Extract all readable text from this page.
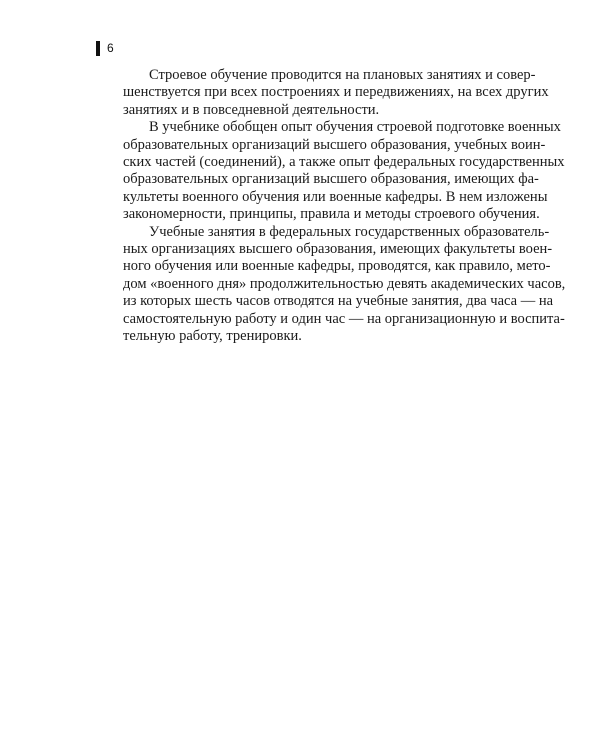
6

Строевое обучение проводится на плановых занятиях и совер-
шенствуется при всех построениях и передвижениях, на всех других
занятиях и в повседневной деятельности.

В учебнике обобщен опыт обучения строевой подготовке военных
образовательных организаций высшего образования, учебных воин-
ских частей (соединений), а также опыт федеральных государственных
образовательных организаций высшего образования, имеющих фа-
культеты военного обучения или военные кафедры. В нем изложены
закономерности, принципы, правила и методы строевого обучения.

Учебные занятия в федеральных государственных образователь-
ных организациях высшего образования, имеющих факультеты воен-
ного обучения или военные кафедры, проводятся, как правило, мето-
дом «военного дня» продолжительностью девять академических часов,
из которых шесть часов отводятся на учебные занятия, два часа — на
самостоятельную работу и один час — на организационную и воспита-
тельную работу, тренировки.
